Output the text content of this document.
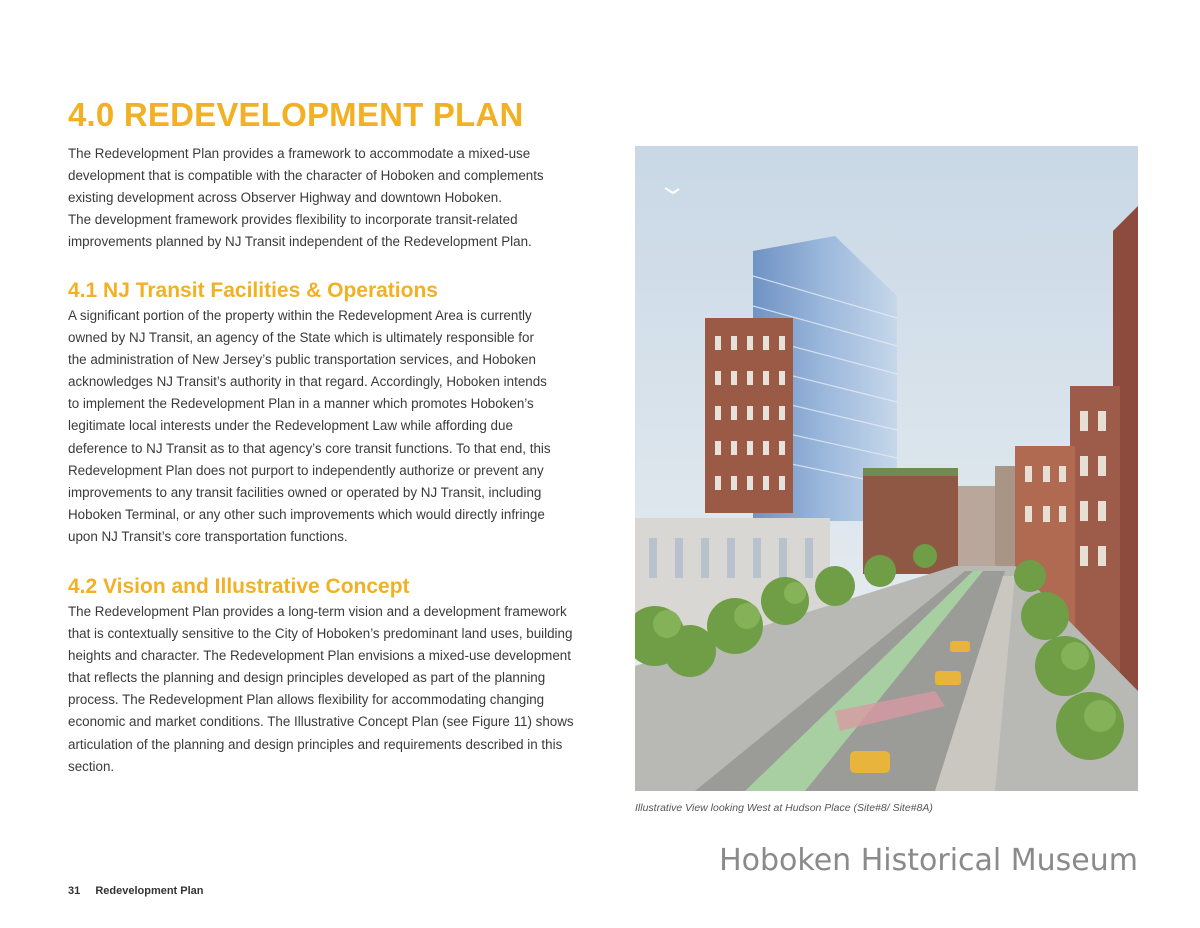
4.0 REDEVELOPMENT PLAN

The Redevelopment Plan provides a framework to accommodate a mixed-use
development that is compatible with the character of Hoboken and complements
existing development across Observer Highway and downtown Hoboken.
The development framework provides flexibility to incorporate transit-related
improvements planned by NJ Transit independent of the Redevelopment Plan.

4.1 NJ Transit Facilities & Operations

A significant portion of the property within the Redevelopment Area is currently
owned by NJ Transit, an agency of the State which is ultimately responsible for
the administration of New Jersey’s public transportation services, and Hoboken
acknowledges NJ Transit’s authority in that regard. Accordingly, Hoboken intends
to implement the Redevelopment Plan in a manner which promotes Hoboken’s
legitimate local interests under the Redevelopment Law while affording due
deference to NJ Transit as to that agency’s core transit functions. To that end, this
Redevelopment Plan does not purport to independently authorize or prevent any
improvements to any transit facilities owned or operated by NJ Transit, including
Hoboken Terminal, or any other such improvements which would directly infringe
upon NJ Transit’s core transportation functions.

4.2 Vision and Illustrative Concept

The Redevelopment Plan provides a long-term vision and a development framework
that is contextually sensitive to the City of Hoboken’s predominant land uses, building
heights and character. The Redevelopment Plan envisions a mixed-use development
that reflects the planning and design principles developed as part of the planning
process. The Redevelopment Plan allows flexibility for accommodating changing
economic and market conditions. The Illustrative Concept Plan (see Figure 11) shows
articulation of the planning and design principles and requirements described in this
section.

Illustrative View looking West at Hudson Place (Site#8/ Site#8A)

Hoboken Historical Museum

31 Redevelopment Plan
